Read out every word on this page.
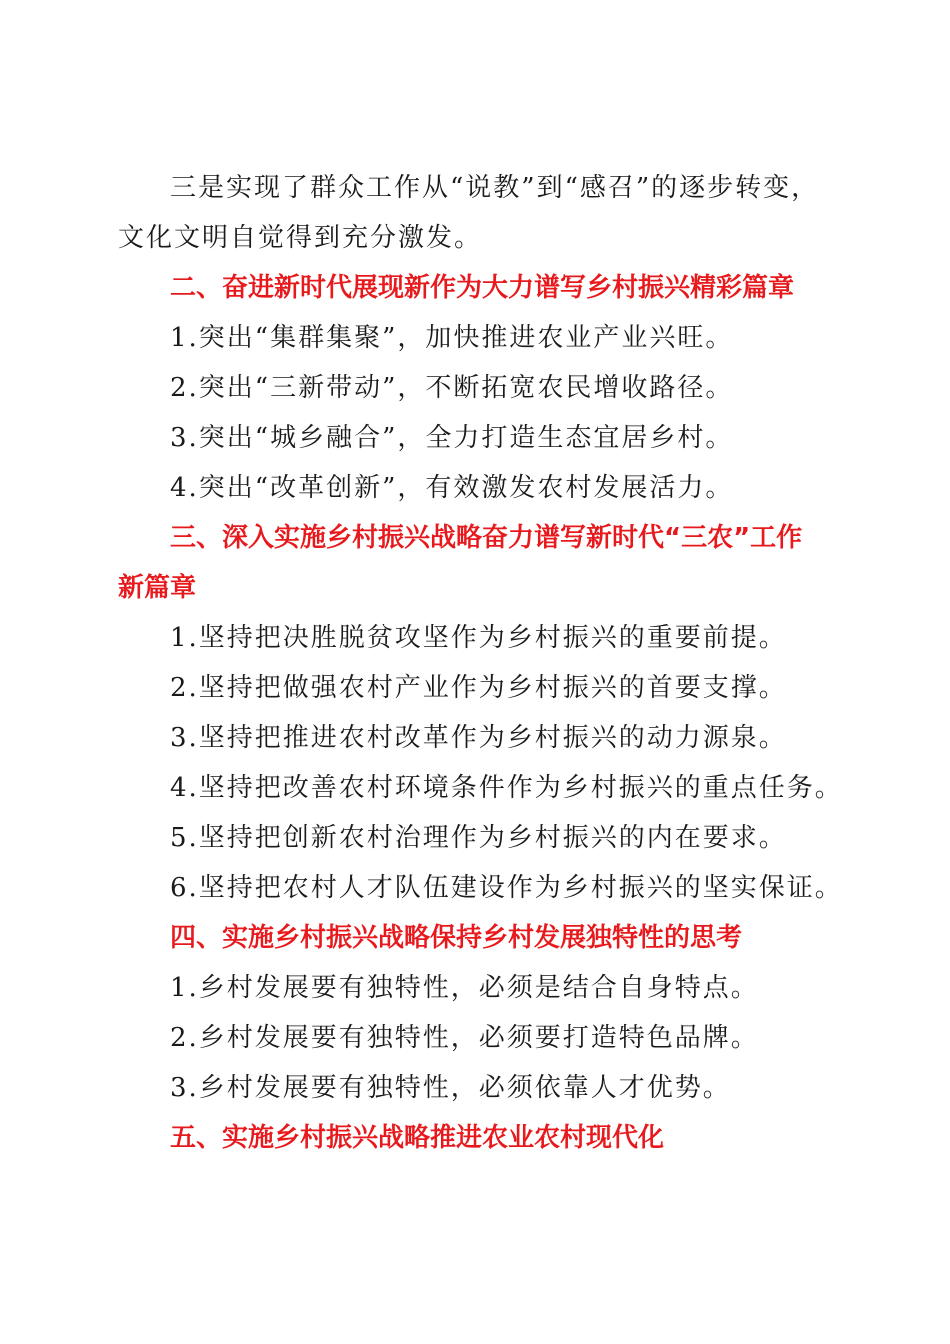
三是实现了群众工作从“说教”到“感召”的逐步转变，

文化文明自觉得到充分激发。

二、奋进新时代展现新作为大力谱写乡村振兴精彩篇章

1.突出“集群集聚”，加快推进农业产业兴旺。

2.突出“三新带动”，不断拓宽农民增收路径。

3.突出“城乡融合”，全力打造生态宜居乡村。

4.突出“改革创新”，有效激发农村发展活力。

三、深入实施乡村振兴战略奋力谱写新时代“三农”工作

新篇章

1.坚持把决胜脱贫攻坚作为乡村振兴的重要前提。

2.坚持把做强农村产业作为乡村振兴的首要支撑。

3.坚持把推进农村改革作为乡村振兴的动力源泉。

4.坚持把改善农村环境条件作为乡村振兴的重点任务。

5.坚持把创新农村治理作为乡村振兴的内在要求。

6.坚持把农村人才队伍建设作为乡村振兴的坚实保证。

四、实施乡村振兴战略保持乡村发展独特性的思考

1.乡村发展要有独特性，必须是结合自身特点。

2.乡村发展要有独特性，必须要打造特色品牌。

3.乡村发展要有独特性，必须依靠人才优势。

五、实施乡村振兴战略推进农业农村现代化
